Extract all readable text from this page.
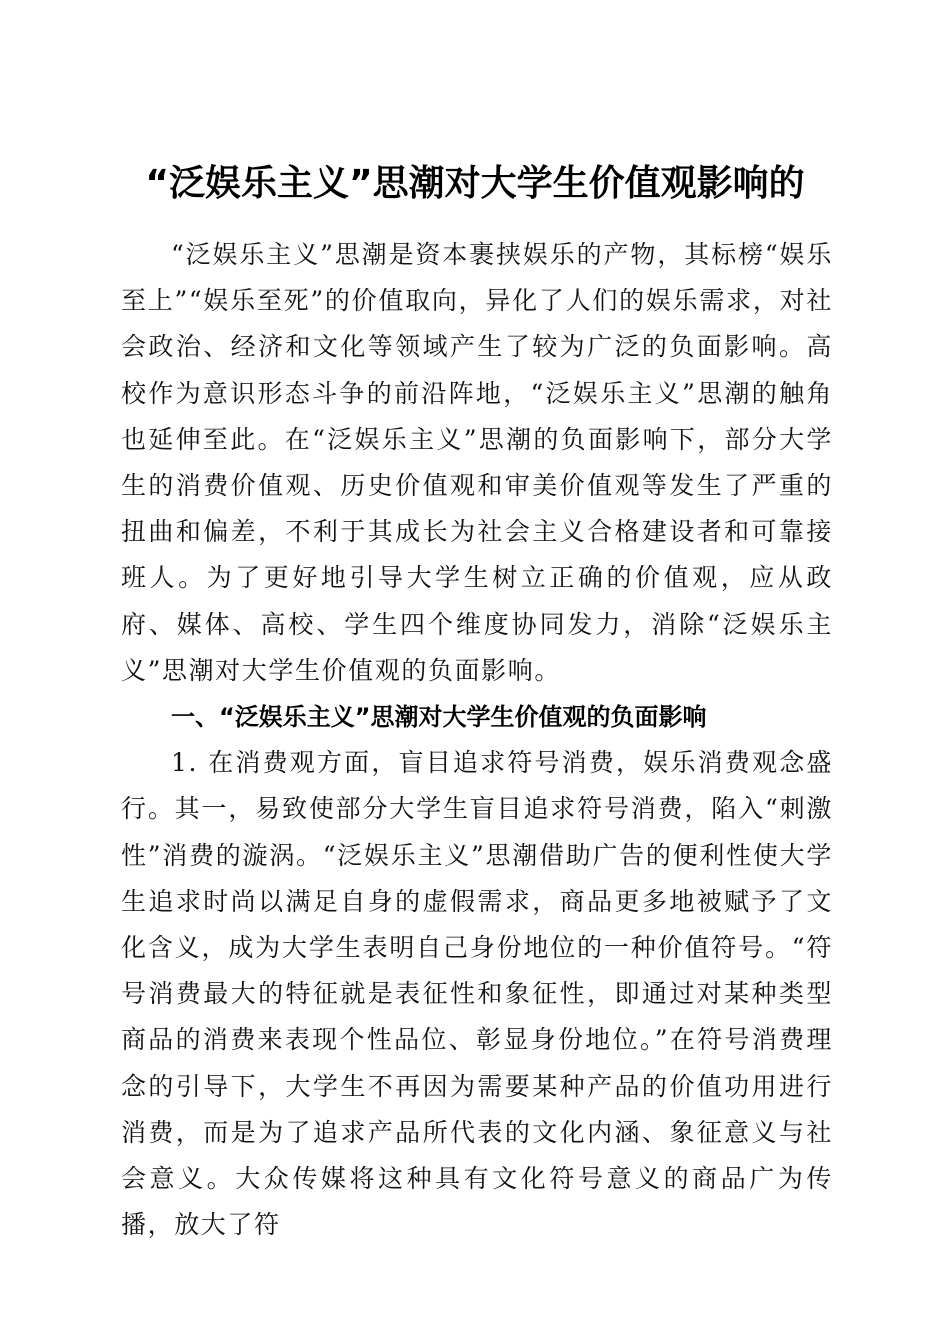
“泛娱乐主义”思潮对大学生价值观影响的

“泛娱乐主义”思潮是资本裹挟娱乐的产物，其标榜“娱乐至上”“娱乐至死”的价值取向，异化了人们的娱乐需求，对社会政治、经济和文化等领域产生了较为广泛的负面影响。高校作为意识形态斗争的前沿阵地，“泛娱乐主义”思潮的触角也延伸至此。在“泛娱乐主义”思潮的负面影响下，部分大学生的消费价值观、历史价值观和审美价值观等发生了严重的扭曲和偏差，不利于其成长为社会主义合格建设者和可靠接班人。为了更好地引导大学生树立正确的价值观，应从政府、媒体、高校、学生四个维度协同发力，消除“泛娱乐主义”思潮对大学生价值观的负面影响。

一、“泛娱乐主义”思潮对大学生价值观的负面影响

1. 在消费观方面，盲目追求符号消费，娱乐消费观念盛行。其一，易致使部分大学生盲目追求符号消费，陷入“刺激性”消费的漩涡。“泛娱乐主义”思潮借助广告的便利性使大学生追求时尚以满足自身的虚假需求，商品更多地被赋予了文化含义，成为大学生表明自己身份地位的一种价值符号。“符号消费最大的特征就是表征性和象征性，即通过对某种类型商品的消费来表现个性品位、彰显身份地位。”在符号消费理念的引导下，大学生不再因为需要某种产品的价值功用进行消费，而是为了追求产品所代表的文化内涵、象征意义与社会意义。大众传媒将这种具有文化符号意义的商品广为传播，放大了符
